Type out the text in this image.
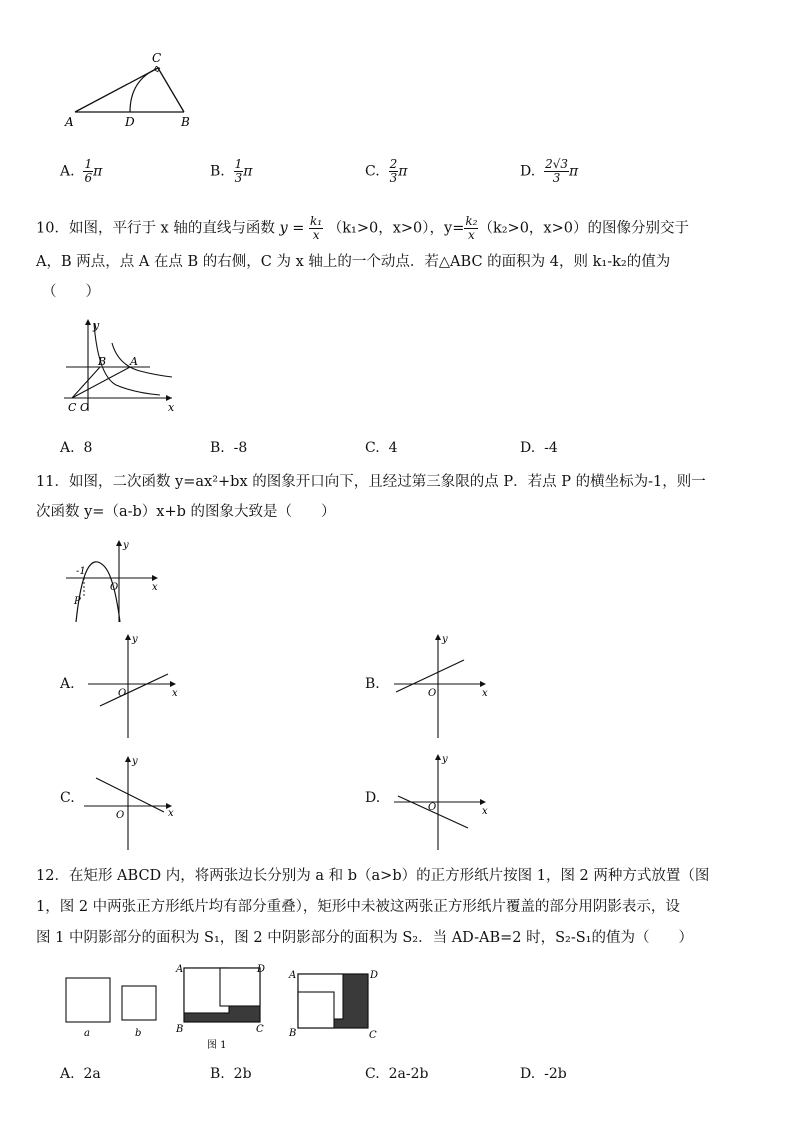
A	D	B
C
A. $\frac{1}{6}$ π	B. $\frac{1}{3}$ π	C. $\frac{2}{3}$ π	D. $\frac{2√3}{3}$ π
10．如图，平行于 x 轴的直线与函数 $y = \frac{\text{k₁}}{x} (k_1>0$，x>0），$y= \frac{\text{k₂}}{x} (k_2>0$，x>0）的图像分别交于
A，B 两点，点 A 在点 B 的右侧，C 为 x 轴上的一个动点．若△ABC 的面积为 4，则 k₁-k₂的值为
（　　）
y
x
B A
C O
A. 8	B. -8	C. 4	D. -4
11．如图，二次函数 y=ax²+bx 的图象开口向下，且经过第三象限的点 P．若点 P 的横坐标为-1，则一
次函数 y=（a-b）x+b 的图象大致是（　　）
-1
O
y
x
P
A.
y
x
O
B.
y
x
O
C.
y
x
O
D.
y
x
O
12．在矩形 ABCD 内，将两张边长分别为 a 和 b（a>b）的正方形纸片按图 1，图 2 两种方式放置（图
1，图 2 中两张正方形纸片均有部分重叠），矩形中未被这两张正方形纸片覆盖的部分用阴影表示，设
图 1 中阴影部分的面积为 S₁，图 2 中阴影部分的面积为 S₂．当 AD-AB=2 时，S₂-S₁的值为（　　）
a	b
A	D
B	C
图 1
A	D
B	C
A. 2a	B. 2b	C. 2a-2b	D. -2b
